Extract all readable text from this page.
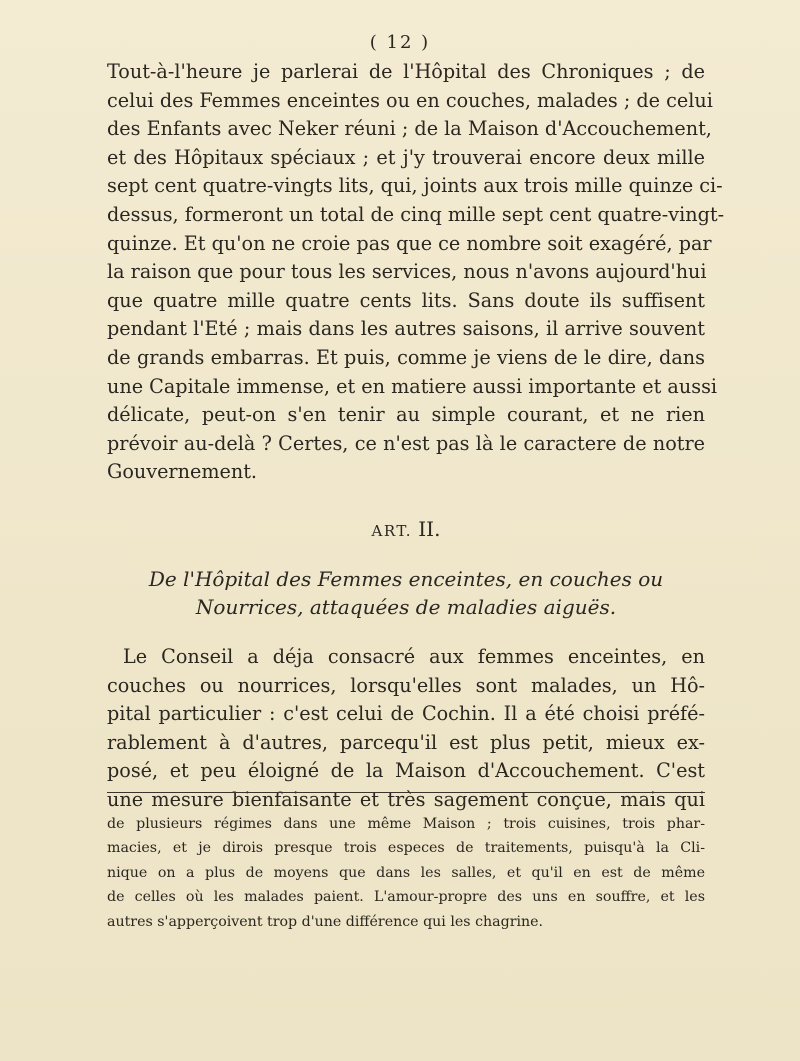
( 12 )
Tout-à-l'heure je parlerai de l'Hôpital des Chroniques ; de
celui des Femmes enceintes ou en couches, malades ; de celui
des Enfants avec Neker réuni ; de la Maison d'Accouchement,
et des Hôpitaux spéciaux ; et j'y trouverai encore deux mille
sept cent quatre-vingts lits, qui, joints aux trois mille quinze ci-
dessus, formeront un total de cinq mille sept cent quatre-vingt-
quinze. Et qu'on ne croie pas que ce nombre soit exagéré, par
la raison que pour tous les services, nous n'avons aujourd'hui
que quatre mille quatre cents lits. Sans doute ils suffisent
pendant l'Eté ; mais dans les autres saisons, il arrive souvent
de grands embarras. Et puis, comme je viens de le dire, dans
une Capitale immense, et en matiere aussi importante et aussi
délicate, peut-on s'en tenir au simple courant, et ne rien
prévoir au-delà ? Certes, ce n'est pas là le caractere de notre
Gouvernement.
ART. II.
De l'Hôpital des Femmes enceintes, en couches ou
Nourrices, attaquées de maladies aiguës.
Le Conseil a déja consacré aux femmes enceintes, en
couches ou nourrices, lorsqu'elles sont malades, un Hô-
pital particulier : c'est celui de Cochin. Il a été choisi préfé-
rablement à d'autres, parcequ'il est plus petit, mieux ex-
posé, et peu éloigné de la Maison d'Accouchement. C'est
une mesure bienfaisante et très sagement conçue, mais qui
de plusieurs régimes dans une même Maison ; trois cuisines, trois phar-
macies, et je dirois presque trois especes de traitements, puisqu'à la Cli-
nique on a plus de moyens que dans les salles, et qu'il en est de même
de celles où les malades paient. L'amour-propre des uns en souffre, et les
autres s'apperçoivent trop d'une différence qui les chagrine.
